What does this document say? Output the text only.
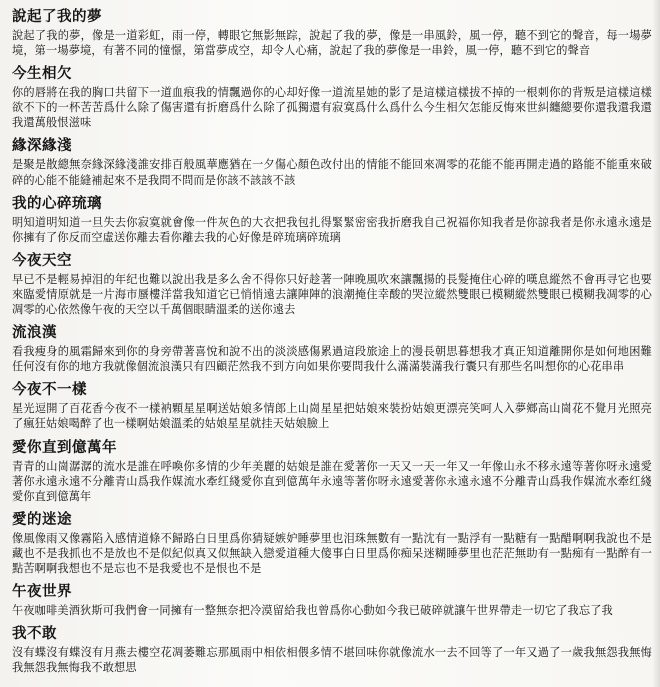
說起了我的夢
說起了我的夢，像是一道彩虹，雨一停，轉眼它無影無踪，說起了我的夢，像是一串風鈴，風一停，聽不到它的聲音，每一場夢境，第一場夢境，有著不同的憧憬，第當夢成空，却令人心痛，說起了我的夢像是一串鈴，風一停，聽不到它的聲音
今生相欠
你的唇將在我的胸口共留下一道血痕我的情飄過你的心却好像一道流星她的影了是這樣這樣拔不掉的一根刺你的背叛是這樣這樣欲不下的一杯苦苦爲什么除了傷害還有折磨爲什么除了孤獨還有寂寞爲什么爲什么今生相欠怎能反悔來世糾纏總要你還我還我還我還萬般恨滋味
緣深緣淺
是聚是散總無奈緣深緣淺誰安排百般風華應猶在一夕傷心顏色改付出的情能不能回來凋零的花能不能再開走過的路能不能重來破碎的心能不能縫補起來不是我問不問而是你該不該該不該
我的心碎琉璃
明知道明知道一旦失去你寂寞就會像一件灰色的大衣把我包扎得緊緊密密我折磨我自己祝福你知我者是你諒我者是你永遠永遠是你擁有了你反而空虛送你離去看你離去我的心好像是碎琉璃碎琉璃
今夜天空
早已不是輕易掉泪的年纪也難以說出我是多么舍不得你只好趁著一陣晚風吹來讓飄揚的長髮掩住心碎的嘆息縱然不會再寻它也要來臨愛情原就是一片海市蜃樓洋當我知道它已悄悄遠去讓陣陣的浪潮掩住幸酸的哭泣縱然雙眼已模糊縱然雙眼已模糊我凋零的心凋零的心依然像午夜的天空以千萬個眼睛溫柔的送你遠去
流浪漢
看我瘦身的風霜歸來到你的身旁帶著喜悅和說不出的淡淡感傷累過這段旅途上的漫長朝思暮想我才真正知道離開你是如何地困難任何沒有你的地方我就像個流浪漢只有四顧茫然我不到方向如果你要問我什么滿滿裝滿我行囊只有那些名叫想你的心花串串
今夜不一樣
星光逗開了百花香今夜不一樣衲顆星星啊送姑娘多情郎上山崗星星把姑娘來裝扮姑娘更漂亮笑呵人入夢鄉高山崗花不覺月光照亮了瘋狂姑娘喝醉了也一樣啊姑娘溫柔的姑娘星星就挂天姑娘臉上
愛你直到億萬年
青青的山崗潺潺的流水是誰在呼喚你多情的少年美麗的姑娘是誰在愛著你一天又一天一年又一年像山永不移永遠等著你呀永遠愛著你永遠永遠不分離青山爲我作媒流水牽红綫愛你直到億萬年永遠等著你呀永遠愛著你永遠永遠不分離青山爲我作媒流水牽红綫愛你直到億萬年
愛的迷途
像風像雨又像霧陷入感情道條不歸路白日里爲你猜疑嫉妒睡夢里也泪珠無數有一點沈有一點浮有一點糖有一點醋啊啊我說也不是藏也不是我抓也不是放也不是似紀似真又似無缺入戀愛道種大傻事白日里爲你痴呆迷糊睡夢里也茫茫無助有一點痴有一點醉有一點苦啊啊我想也不是忘也不是我愛也不是恨也不是
午夜世界
午夜咖啡美酒狄斯可我們會一同擁有一整無奈把冷漠留給我也曾爲你心動如今我已破碎就讓午世界帶走一切它了我忘了我
我不敢
沒有蝶沒有蝶沒有月燕去樓空花凋萎難忘那風雨中相依相偎多情不堪回味你就像流水一去不回等了一年又過了一歲我無怨我無悔我無怨我無悔我不敢想思
